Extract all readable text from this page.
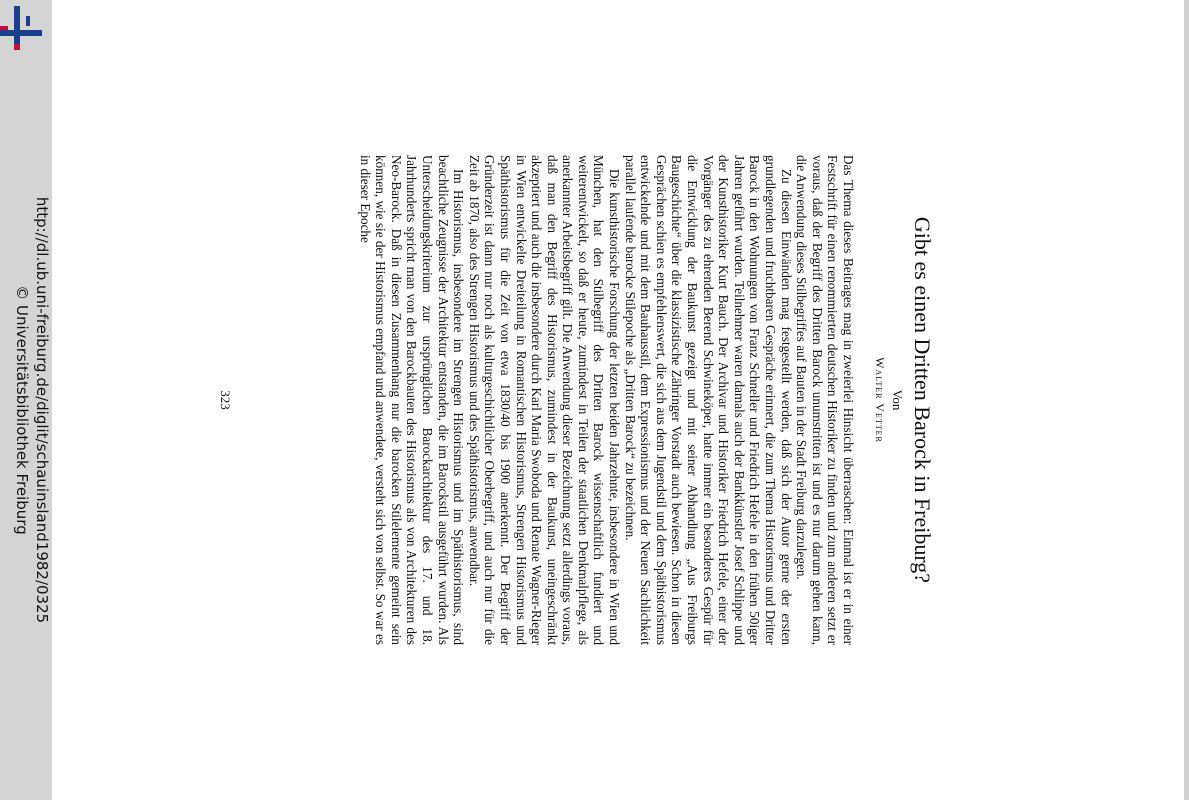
http://dl.ub.uni-freiburg.de/diglit/schauinsland1982/0325
© Universitätsbibliothek Freiburg	Gibt es einen Dritten Barock in Freiburg?
Von
Walter Vetter

Das Thema dieses Beitrages mag in zweierlei Hinsicht überraschen: Einmal ist er in einer Festschrift für einen renommierten deutschen Historiker zu finden und zum anderen setzt er voraus, daß der Begriff des Dritten Barock unumstritten ist und es nur darum gehen kann, die Anwendung dieses Stilbegriffes auf Bauten in der Stadt Freiburg darzulegen.

Zu diesen Einwänden mag festgestellt werden, daß sich der Autor gerne der ersten grundlegenden und fruchtbaren Gespräche erinnert, die zum Thema Historismus und Dritter Barock in den Wohnungen von Franz Schneller und Friedrich Hefele in den frühen 50iger Jahren geführt wurden. Teilnehmer waren damals auch der Bankkünstler Josef Schlippe und der Kunsthistoriker Kurt Bauch. Der Archivar und Historiker Friedrich Hefele, einer der Vorgänger des zu ehrenden Berend Schwineköper, hatte immer ein besonderes Gespür für die Entwicklung der Baukunst gezeigt und mit seiner Abhandlung „Aus Freiburgs Baugeschichte“ über die klassizistische Zähringer Vorstadt auch bewiesen. Schon in diesen Gesprächen schien es empfehlenswert, die sich aus dem Jugendstil und dem Späthistorismus entwickelnde und mit dem Bauhausstil, dem Expressionismus und der Neuen Sachlichkeit parallel laufende barocke Stilepoche als „Dritten Barock“ zu bezeichnen.

Die kunsthistorische Forschung der letzten beiden Jahrzehnte, insbesondere in Wien und München, hat den Stilbegriff des Dritten Barock wissenschaftlich fundiert und weiterentwickelt, so daß er heute, zumindest in Teilen der staatlichen Denkmalpflege, als anerkannter Arbeitsbegriff gilt. Die Anwendung dieser Bezeichnung setzt allerdings voraus, daß man den Begriff des Historismus, zumindest in der Baukunst, uneingeschränkt akzeptiert und auch die insbesondere durch Karl Maria Swoboda und Renate Wagner-Rieger in Wien entwickelte Dreiteilung in Romantischen Historismus, Strengen Historismus und Späthistorismus für die Zeit von etwa 1830/40 bis 1900 anerkennt. Der Begriff der Gründerzeit ist dann nur noch als kulturgeschichtlicher Oberbegriff, und auch nur für die Zeit ab 1870, also des Strengen Historismus und des Späthistorismus, anwendbar.

Im Historismus, insbesondere im Strengen Historismus und im Späthistorismus, sind beachtliche Zeugnisse der Architektur entstanden, die im Barockstil ausgeführt wurden. Als Unterscheidungskriterium zur ursprünglichen Barockarchitektur des 17. und 18. Jahrhunderts spricht man von den Barockbauten des Historismus als von Architekturen des Neo-Barock. Daß in diesen Zusammenhang nur die barocken Stilelemente gemeint sein können, wie sie der Historismus empfand und anwendete, versteht sich von selbst. So war es in dieser Epoche

323
